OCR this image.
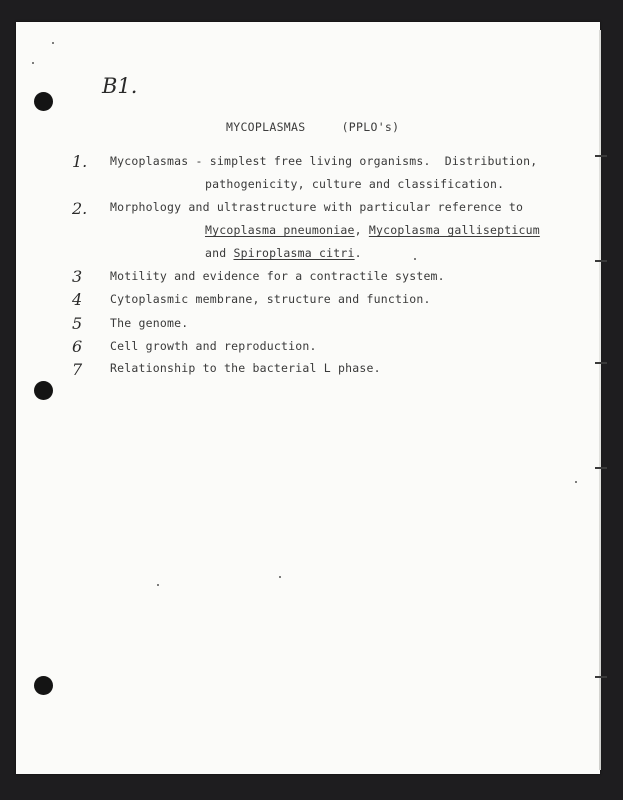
B1.
MYCOPLASMAS     (PPLO's)
1.	Mycoplasmas - simplest free living organisms.  Distribution,
pathogenicity, culture and classification.
2.	Morphology and ultrastructure with particular reference to
Mycoplasma pneumoniae, Mycoplasma gallisepticum
and Spiroplasma citri.
3	Motility and evidence for a contractile system.
4	Cytoplasmic membrane, structure and function.
5	The genome.
6	Cell growth and reproduction.
7	Relationship to the bacterial L phase.
